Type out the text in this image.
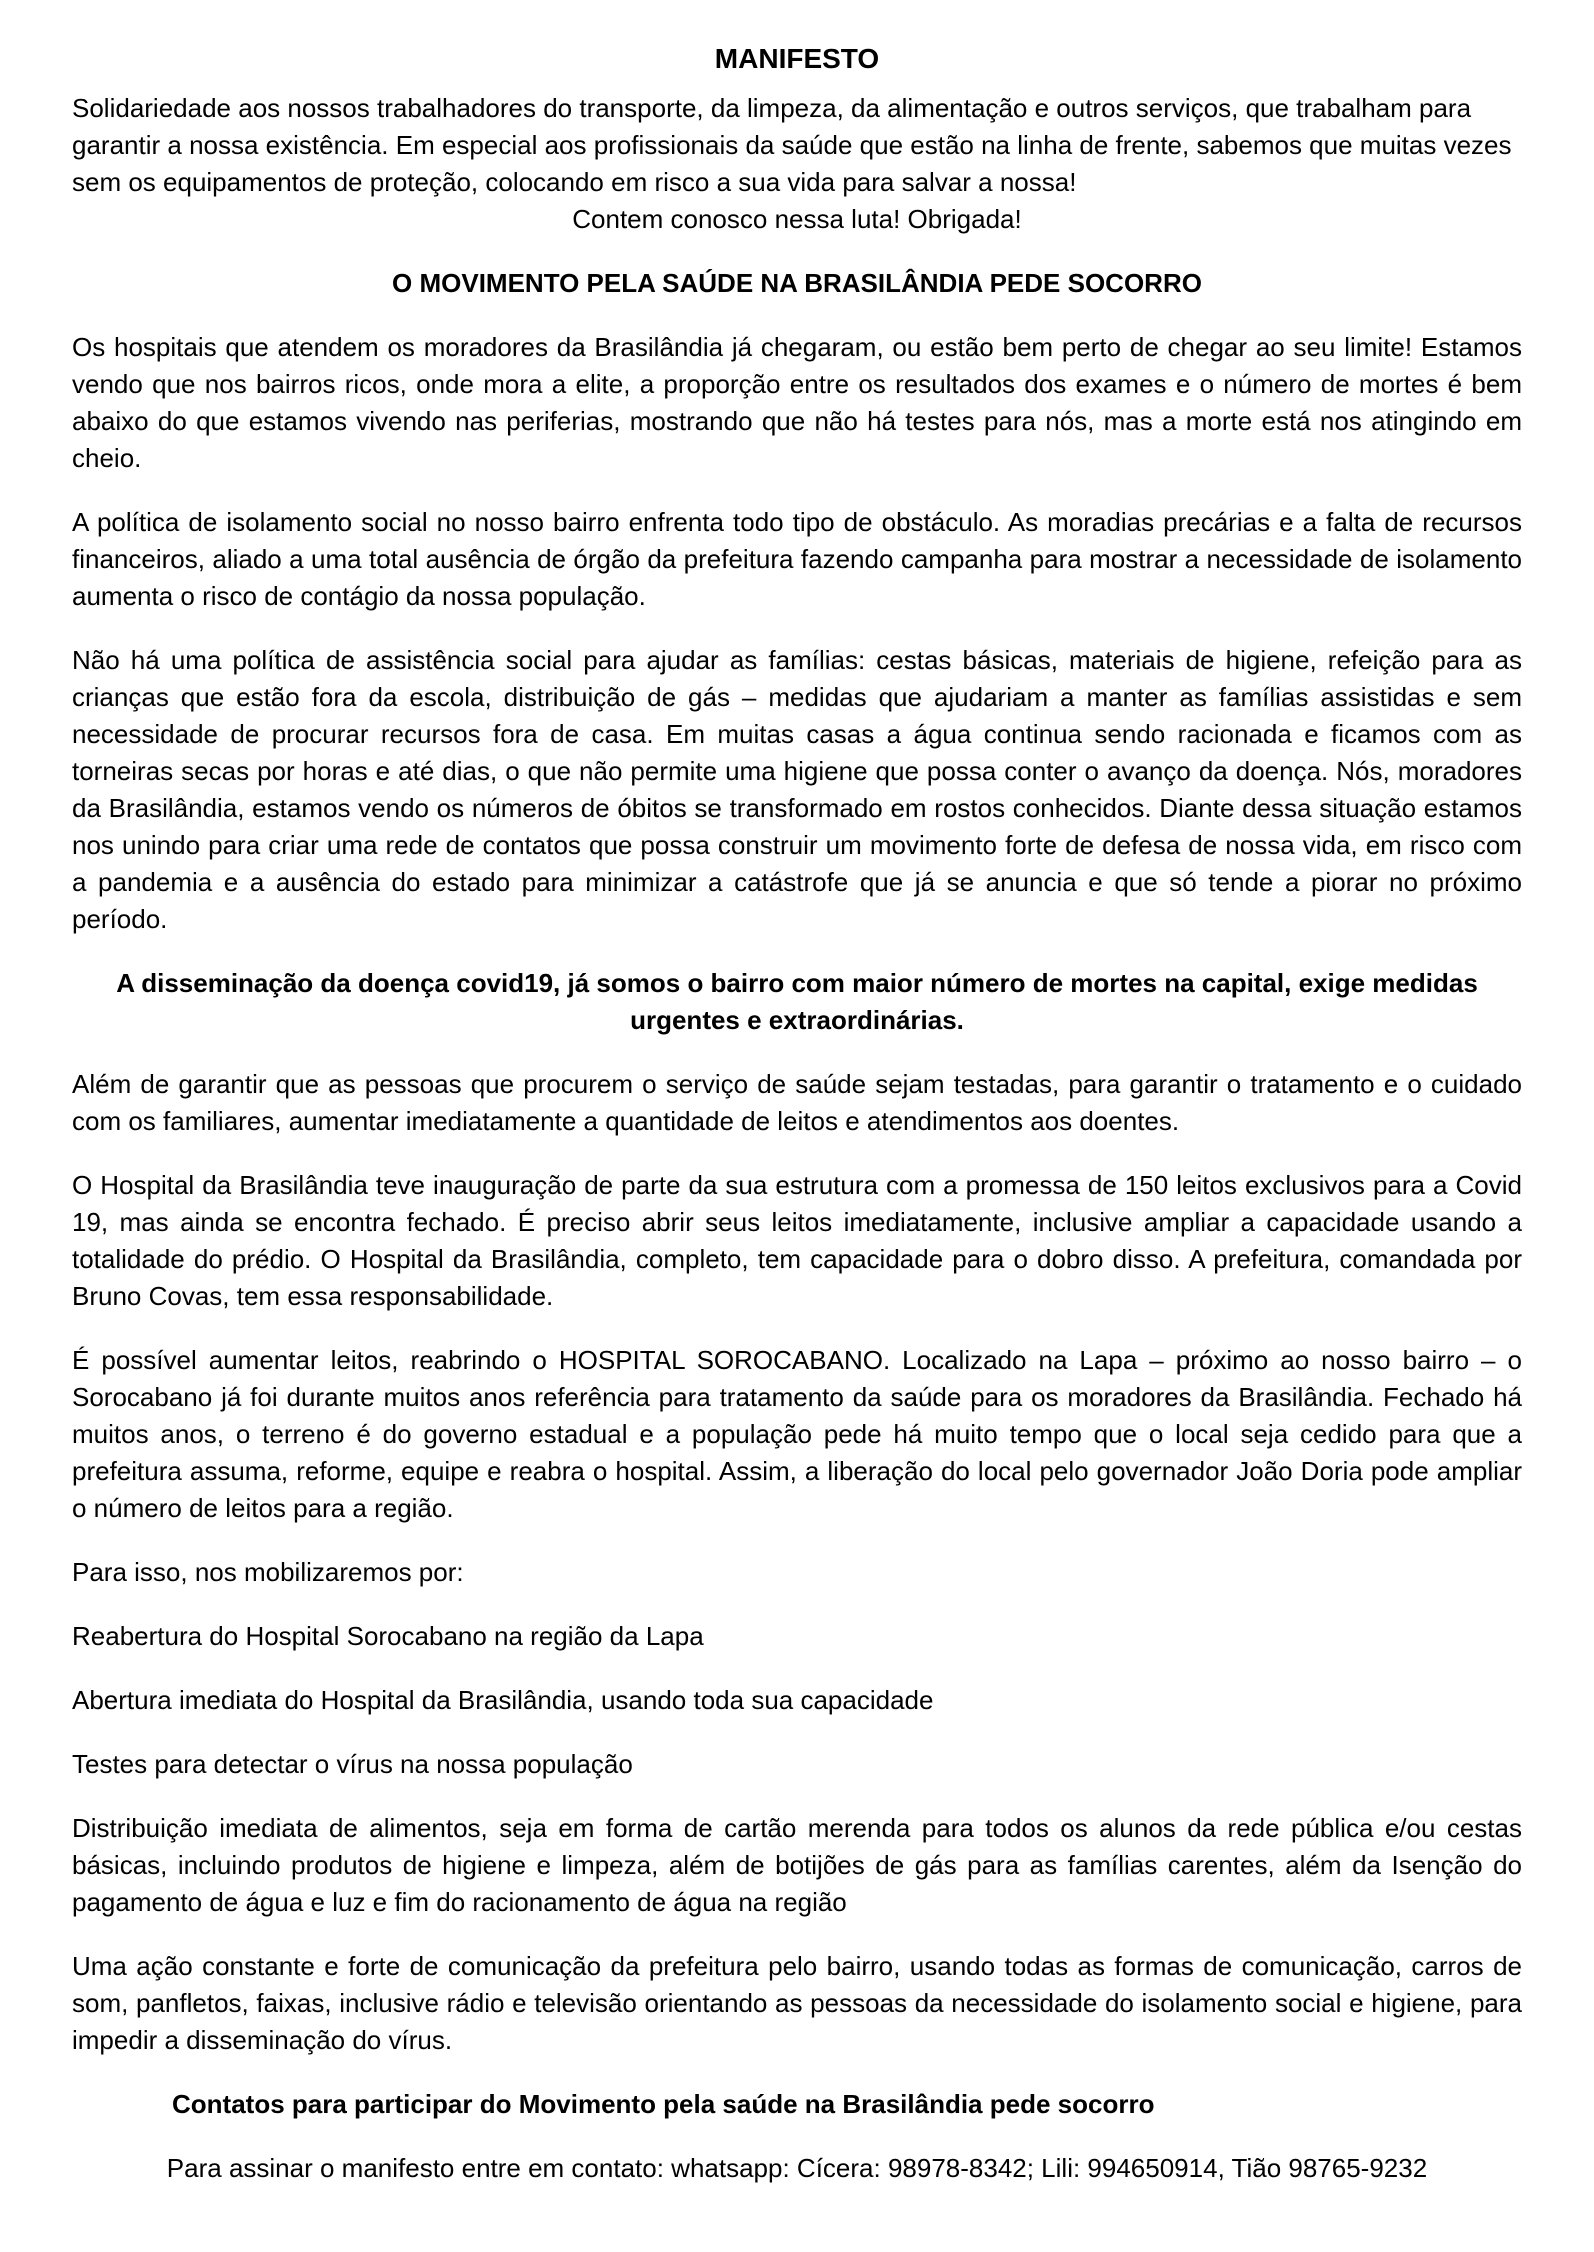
MANIFESTO

Solidariedade aos nossos trabalhadores do transporte, da limpeza, da alimentação e outros serviços, que trabalham para garantir a nossa existência. Em especial aos profissionais da saúde que estão na linha de frente, sabemos que muitas vezes sem os equipamentos de proteção, colocando em risco a sua vida para salvar a nossa!

Contem conosco nessa luta! Obrigada!

O MOVIMENTO PELA SAÚDE NA BRASILÂNDIA PEDE SOCORRO

Os hospitais que atendem os moradores da Brasilândia já chegaram, ou estão bem perto de chegar ao seu limite! Estamos vendo que nos bairros ricos, onde mora a elite, a proporção entre os resultados dos exames e o número de mortes é bem abaixo do que estamos vivendo nas periferias, mostrando que não há testes para nós, mas a morte está nos atingindo em cheio.

A política de isolamento social no nosso bairro enfrenta todo tipo de obstáculo. As moradias precárias e a falta de recursos financeiros, aliado a uma total ausência de órgão da prefeitura fazendo campanha para mostrar a necessidade de isolamento aumenta o risco de contágio da nossa população.

Não há uma política de assistência social para ajudar as famílias: cestas básicas, materiais de higiene, refeição para as crianças que estão fora da escola, distribuição de gás – medidas que ajudariam a manter as famílias assistidas e sem necessidade de procurar recursos fora de casa. Em muitas casas a água continua sendo racionada e ficamos com as torneiras secas por horas e até dias, o que não permite uma higiene que possa conter o avanço da doença. Nós, moradores da Brasilândia, estamos vendo os números de óbitos se transformado em rostos conhecidos. Diante dessa situação estamos nos unindo para criar uma rede de contatos que possa construir um movimento forte de defesa de nossa vida, em risco com a pandemia e a ausência do estado para minimizar a catástrofe que já se anuncia e que só tende a piorar no próximo período.

A disseminação da doença covid19, já somos o bairro com maior número de mortes na capital, exige medidas urgentes e extraordinárias.

Além de garantir que as pessoas que procurem o serviço de saúde sejam testadas, para garantir o tratamento e o cuidado com os familiares, aumentar imediatamente a quantidade de leitos e atendimentos aos doentes.

O Hospital da Brasilândia teve inauguração de parte da sua estrutura com a promessa de 150 leitos exclusivos para a Covid 19, mas ainda se encontra fechado. É preciso abrir seus leitos imediatamente, inclusive ampliar a capacidade usando a totalidade do prédio. O Hospital da Brasilândia, completo, tem capacidade para o dobro disso. A prefeitura, comandada por Bruno Covas, tem essa responsabilidade.

É possível aumentar leitos, reabrindo o HOSPITAL SOROCABANO. Localizado na Lapa – próximo ao nosso bairro – o Sorocabano já foi durante muitos anos referência para tratamento da saúde para os moradores da Brasilândia. Fechado há muitos anos, o terreno é do governo estadual e a população pede há muito tempo que o local seja cedido para que a prefeitura assuma, reforme, equipe e reabra o hospital. Assim, a liberação do local pelo governador João Doria pode ampliar o número de leitos para a região.

Para isso, nos mobilizaremos por:

Reabertura do Hospital Sorocabano na região da Lapa

Abertura imediata do Hospital da Brasilândia, usando toda sua capacidade

Testes para detectar o vírus na nossa população

Distribuição imediata de alimentos, seja em forma de cartão merenda para todos os alunos da rede pública e/ou cestas básicas, incluindo produtos de higiene e limpeza, além de botijões de gás para as famílias carentes, além da Isenção do pagamento de água e luz e fim do racionamento de água na região

Uma ação constante e forte de comunicação da prefeitura pelo bairro, usando todas as formas de comunicação, carros de som, panfletos, faixas, inclusive rádio e televisão orientando as pessoas da necessidade do isolamento social e higiene, para impedir a disseminação do vírus.

Contatos para participar do Movimento pela saúde na Brasilândia pede socorro

Para assinar o manifesto entre em contato: whatsapp: Cícera: 98978-8342; Lili: 994650914, Tião 98765-9232
